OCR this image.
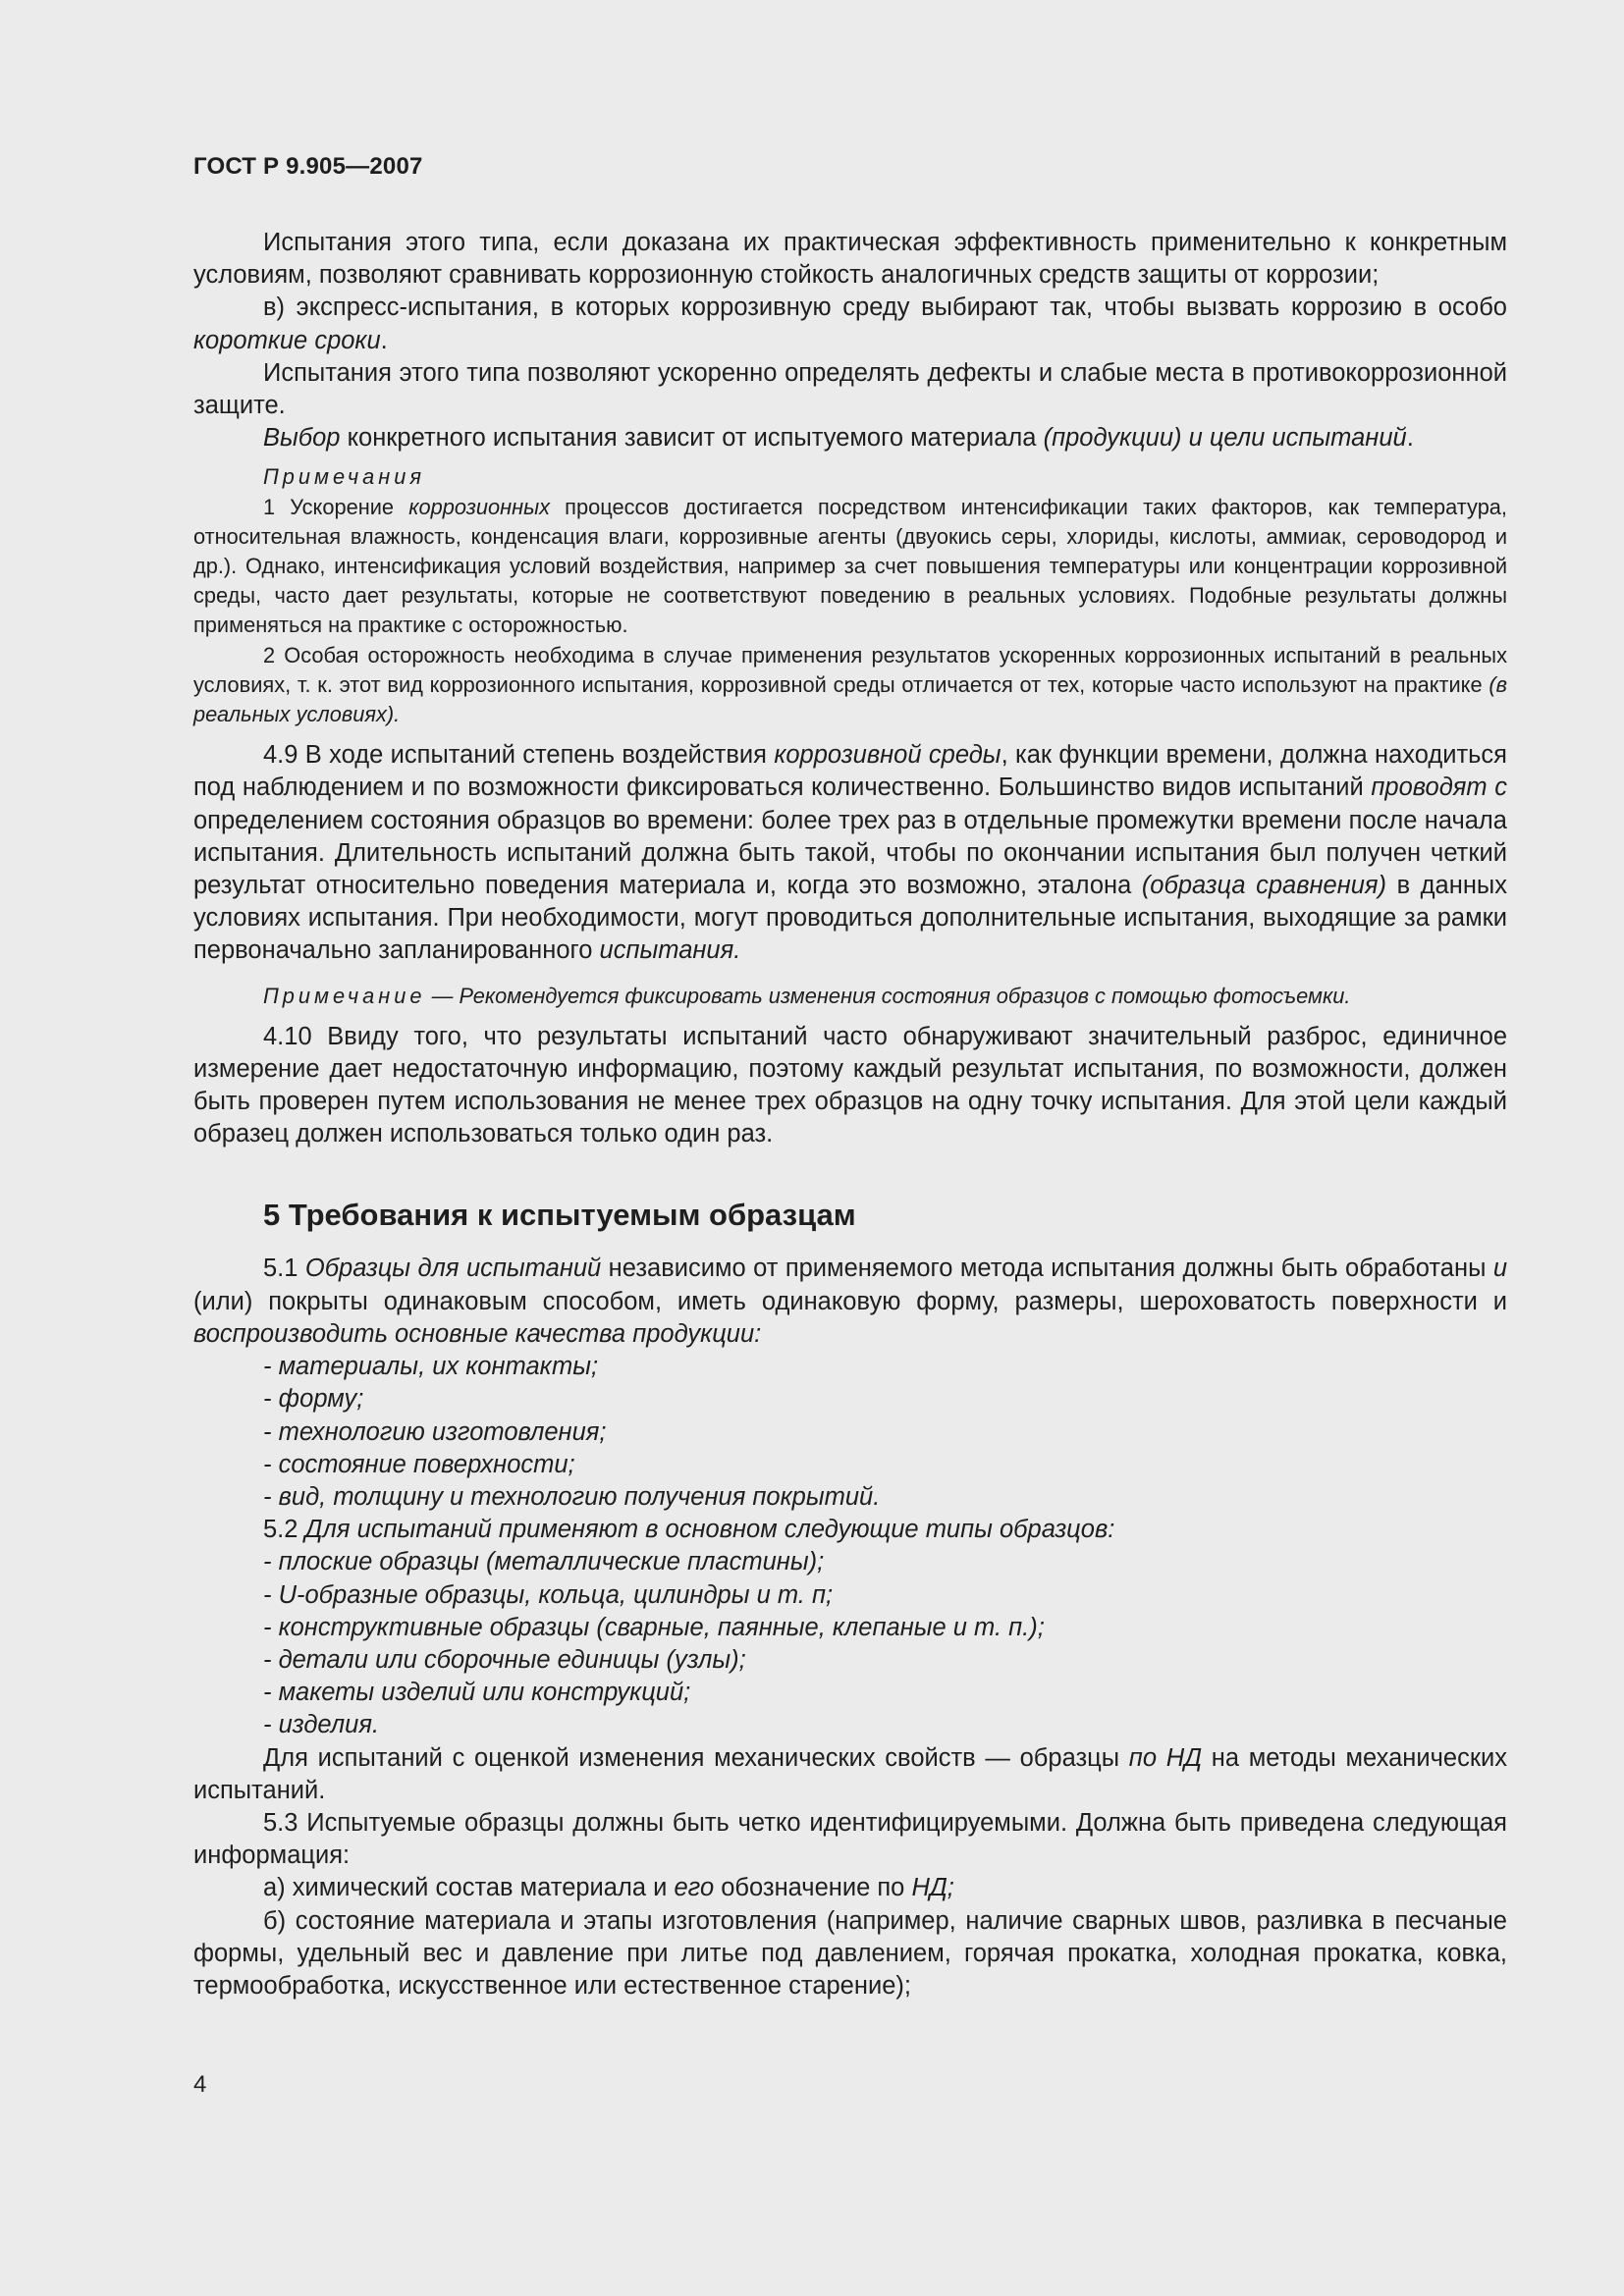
ГОСТ Р 9.905—2007

Испытания этого типа, если доказана их практическая эффективность применительно к конкретным условиям, позволяют сравнивать коррозионную стойкость аналогичных средств защиты от коррозии;

в) экспресс-испытания, в которых коррозивную среду выбирают так, чтобы вызвать коррозию в особо короткие сроки.

Испытания этого типа позволяют ускоренно определять дефекты и слабые места в противокоррозионной защите.

Выбор конкретного испытания зависит от испытуемого материала (продукции) и цели испытаний.

Примечания

1 Ускорение коррозионных процессов достигается посредством интенсификации таких факторов, как температура, относительная влажность, конденсация влаги, коррозивные агенты (двуокись серы, хлориды, кислоты, аммиак, сероводород и др.). Однако, интенсификация условий воздействия, например за счет повышения температуры или концентрации коррозивной среды, часто дает результаты, которые не соответствуют поведению в реальных условиях. Подобные результаты должны применяться на практике с осторожностью.

2 Особая осторожность необходима в случае применения результатов ускоренных коррозионных испытаний в реальных условиях, т. к. этот вид коррозионного испытания, коррозивной среды отличается от тех, которые часто используют на практике (в реальных условиях).

4.9 В ходе испытаний степень воздействия коррозивной среды, как функции времени, должна находиться под наблюдением и по возможности фиксироваться количественно. Большинство видов испытаний проводят с определением состояния образцов во времени: более трех раз в отдельные промежутки времени после начала испытания. Длительность испытаний должна быть такой, чтобы по окончании испытания был получен четкий результат относительно поведения материала и, когда это возможно, эталона (образца сравнения) в данных условиях испытания. При необходимости, могут проводиться дополнительные испытания, выходящие за рамки первоначально запланированного испытания.

Примечание — Рекомендуется фиксировать изменения состояния образцов с помощью фотосъемки.

4.10 Ввиду того, что результаты испытаний часто обнаруживают значительный разброс, единичное измерение дает недостаточную информацию, поэтому каждый результат испытания, по возможности, должен быть проверен путем использования не менее трех образцов на одну точку испытания. Для этой цели каждый образец должен использоваться только один раз.

5 Требования к испытуемым образцам

5.1 Образцы для испытаний независимо от применяемого метода испытания должны быть обработаны и (или) покрыты одинаковым способом, иметь одинаковую форму, размеры, шероховатость поверхности и воспроизводить основные качества продукции:

- материалы, их контакты;

- форму;

- технологию изготовления;

- состояние поверхности;

- вид, толщину и технологию получения покрытий.

5.2 Для испытаний применяют в основном следующие типы образцов:

- плоские образцы (металлические пластины);

- U-образные образцы, кольца, цилиндры и т. п;

- конструктивные образцы (сварные, паянные, клепаные и т. п.);

- детали или сборочные единицы (узлы);

- макеты изделий или конструкций;

- изделия.

Для испытаний с оценкой изменения механических свойств — образцы по НД на методы механических испытаний.

5.3 Испытуемые образцы должны быть четко идентифицируемыми. Должна быть приведена следующая информация:

а) химический состав материала и его обозначение по НД;

б) состояние материала и этапы изготовления (например, наличие сварных швов, разливка в песчаные формы, удельный вес и давление при литье под давлением, горячая прокатка, холодная прокатка, ковка, термообработка, искусственное или естественное старение);

4
